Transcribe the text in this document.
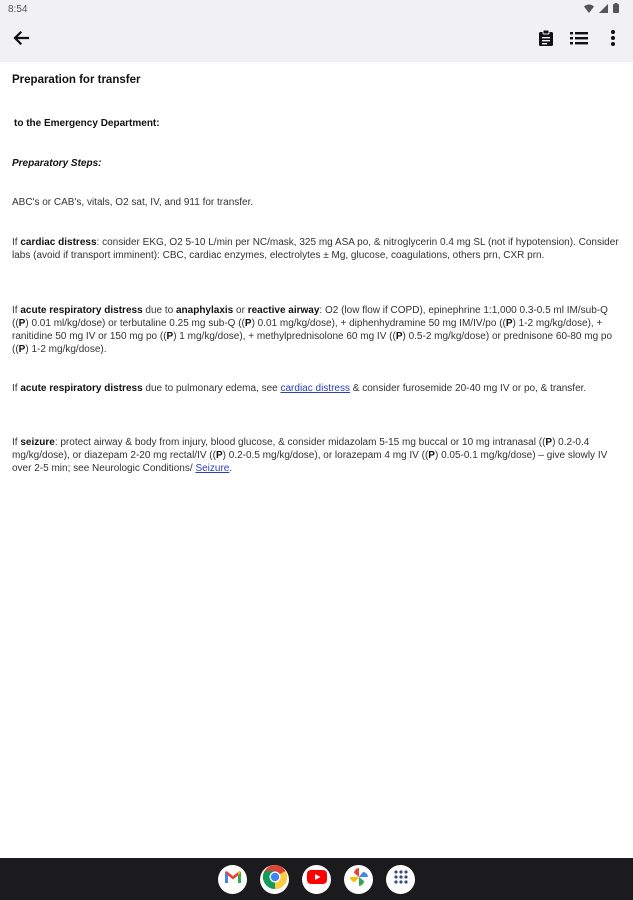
8:54

Preparation for transfer

to the Emergency Department:

Preparatory Steps:

ABC's or CAB's, vitals, O2 sat, IV, and 911 for transfer.

If cardiac distress: consider EKG, O2 5-10 L/min per NC/mask, 325 mg ASA po, & nitroglycerin 0.4 mg SL (not if hypotension). Consider labs (avoid if transport imminent): CBC, cardiac enzymes, electrolytes ± Mg, glucose, coagulations, others prn, CXR prn.

If acute respiratory distress due to anaphylaxis or reactive airway: O2 (low flow if COPD), epinephrine 1:1,000 0.3-0.5 ml IM/sub-Q ((P) 0.01 ml/kg/dose) or terbutaline 0.25 mg sub-Q ((P) 0.01 mg/kg/dose), + diphenhydramine 50 mg IM/IV/po ((P) 1-2 mg/kg/dose), + ranitidine 50 mg IV or 150 mg po ((P) 1 mg/kg/dose), + methylprednisolone 60 mg IV ((P) 0.5-2 mg/kg/dose) or prednisone 60-80 mg po ((P) 1-2 mg/kg/dose).

If acute respiratory distress due to pulmonary edema, see cardiac distress & consider furosemide 20-40 mg IV or po, & transfer.

If seizure: protect airway & body from injury, blood glucose, & consider midazolam 5-15 mg buccal or 10 mg intranasal ((P) 0.2-0.4 mg/kg/dose), or diazepam 2-20 mg rectal/IV ((P) 0.2-0.5 mg/kg/dose), or lorazepam 4 mg IV ((P) 0.05-0.1 mg/kg/dose) – give slowly IV over 2-5 min; see Neurologic Conditions/ Seizure.
